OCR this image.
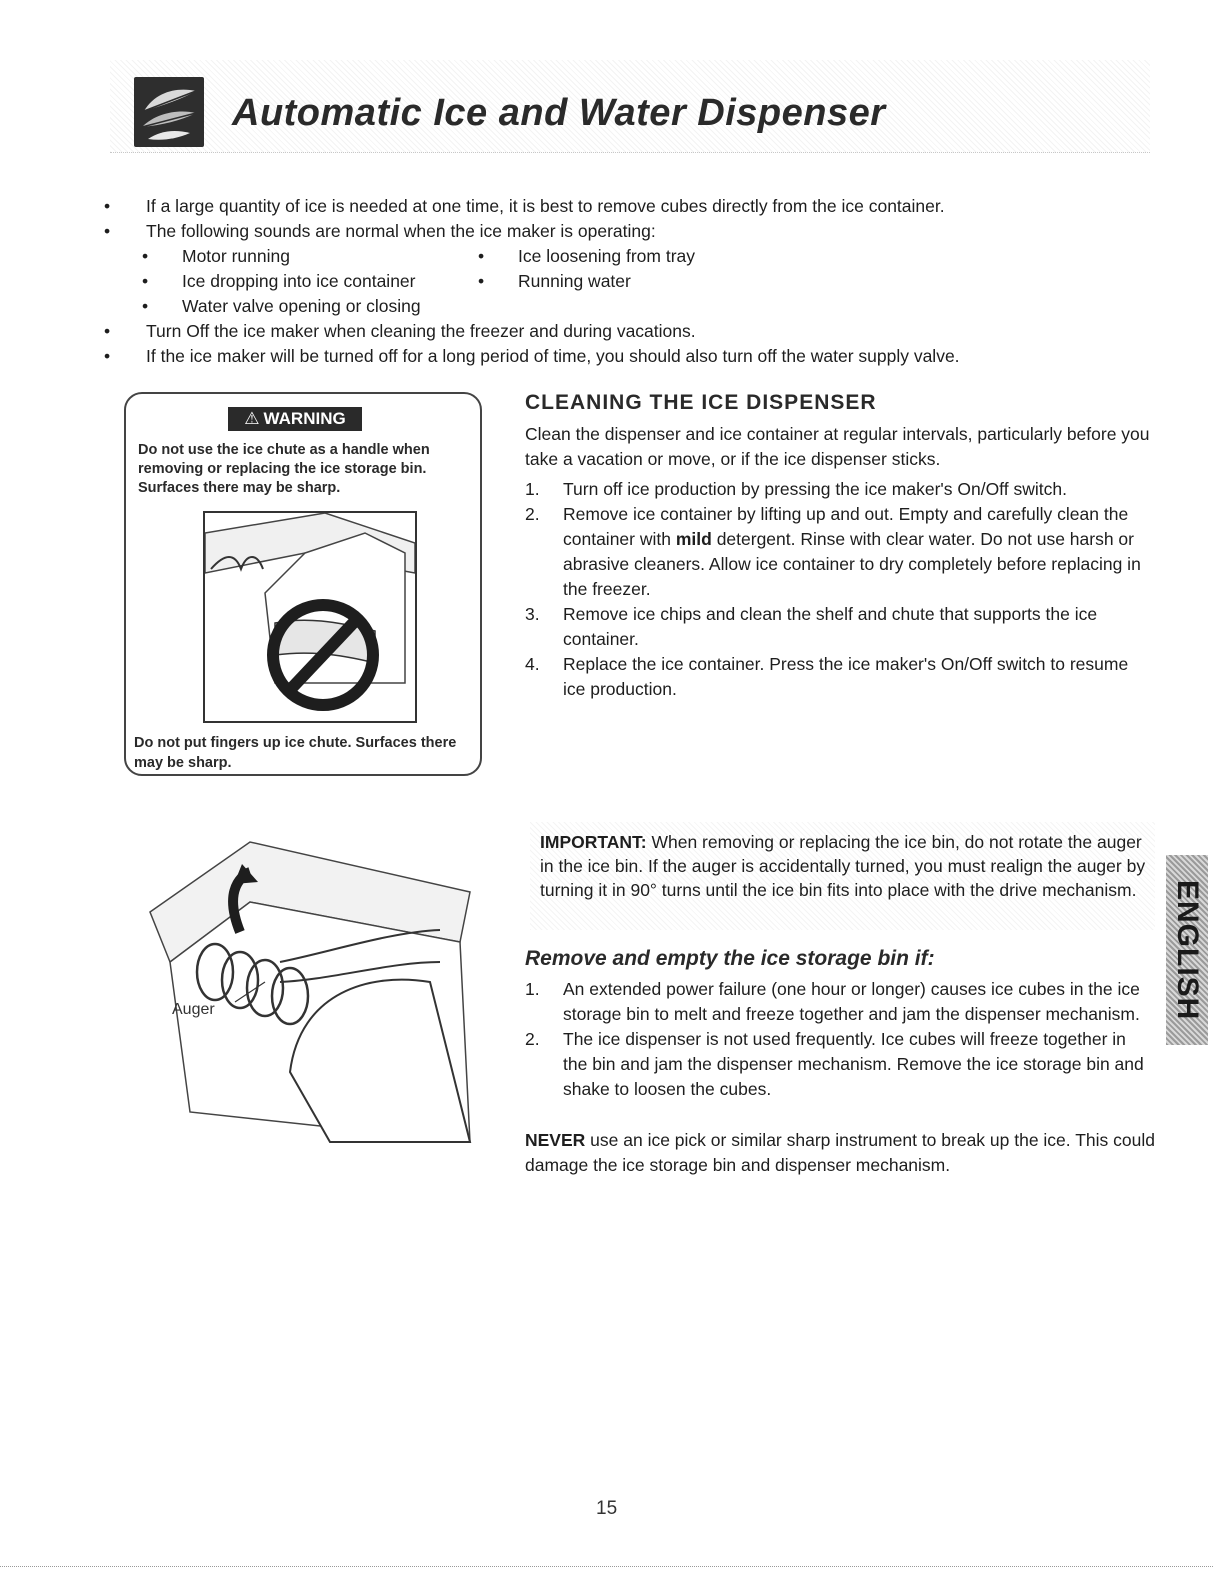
Automatic Ice and Water Dispenser
• If a large quantity of ice is needed at one time, it is best to remove cubes directly from the ice container.
• The following sounds are normal when the ice maker is operating:
• Motor running	• Ice loosening from tray
• Ice dropping into ice container	• Running water
• Water valve opening or closing
• Turn Off the ice maker when cleaning the freezer and during vacations.
• If the ice maker will be turned off for a long period of time, you should also turn off the water supply valve.
⚠ WARNING
Do not use the ice chute as a handle when removing or replacing the ice storage bin. Surfaces there may be sharp.
Do not put fingers up ice chute. Surfaces there may be sharp.
CLEANING THE ICE DISPENSER
Clean the dispenser and ice container at regular intervals, particularly before you take a vacation or move, or if the ice dispenser sticks.
1. Turn off ice production by pressing the ice maker's On/Off switch.
2. Remove ice container by lifting up and out. Empty and carefully clean the container with mild detergent. Rinse with clear water. Do not use harsh or abrasive cleaners. Allow ice container to dry completely before replacing in the freezer.
3. Remove ice chips and clean the shelf and chute that supports the ice container.
4. Replace the ice container. Press the ice maker's On/Off switch to resume ice production.
Auger
IMPORTANT: When removing or replacing the ice bin, do not rotate the auger in the ice bin. If the auger is accidentally turned, you must realign the auger by turning it in 90° turns until the ice bin fits into place with the drive mechanism.
Remove and empty the ice storage bin if:
1. An extended power failure (one hour or longer) causes ice cubes in the ice storage bin to melt and freeze together and jam the dispenser mechanism.
2. The ice dispenser is not used frequently. Ice cubes will freeze together in the bin and jam the dispenser mechanism. Remove the ice storage bin and shake to loosen the cubes.
NEVER use an ice pick or similar sharp instrument to break up the ice. This could damage the ice storage bin and dispenser mechanism.
ENGLISH
15
